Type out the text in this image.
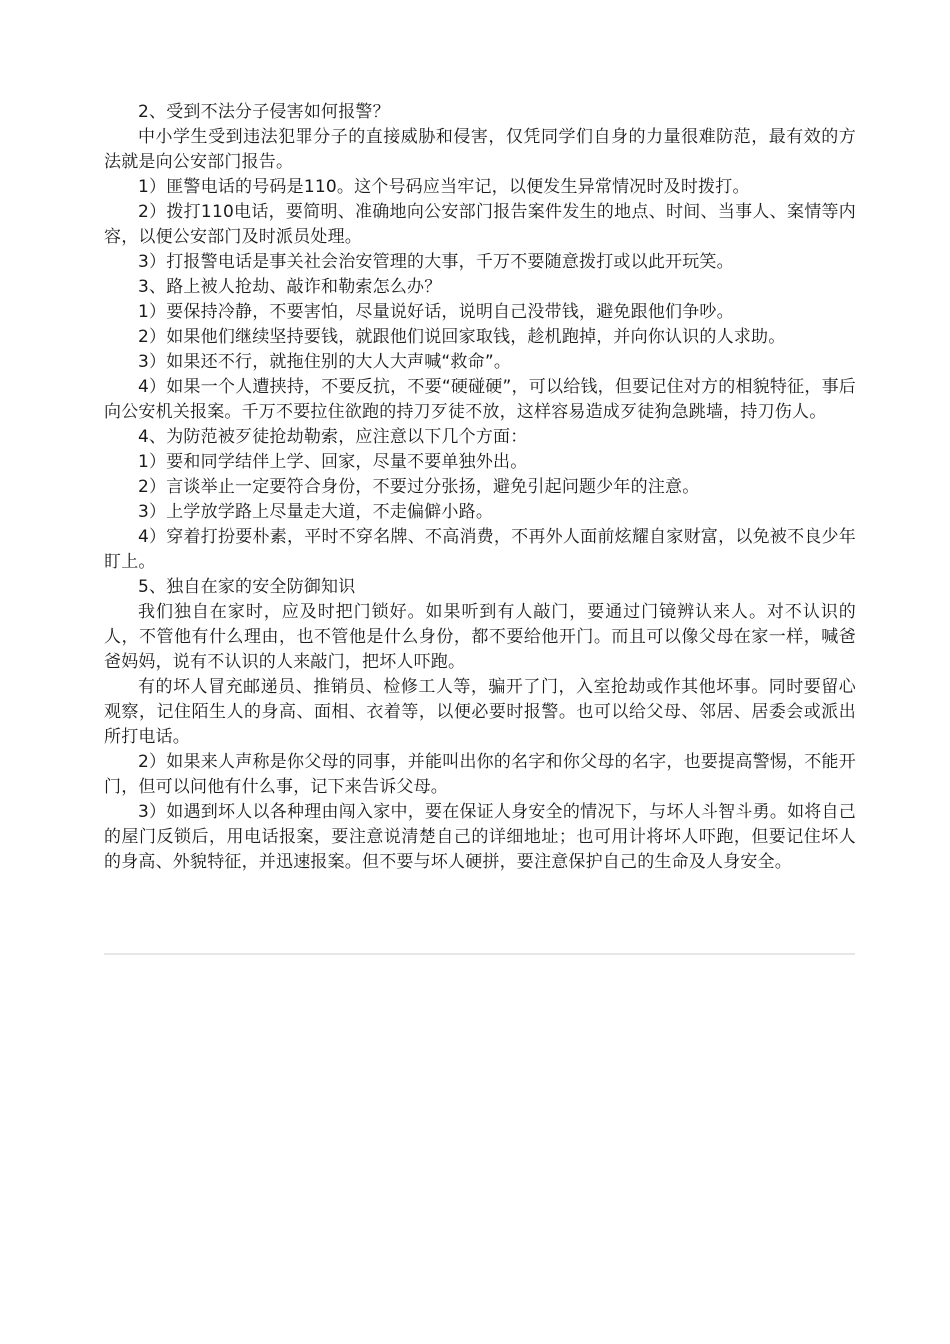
2、受到不法分子侵害如何报警？

中小学生受到违法犯罪分子的直接威胁和侵害，仅凭同学们自身的力量很难防范，最有效的方法就是向公安部门报告。

1）匪警电话的号码是110。这个号码应当牢记，以便发生异常情况时及时拨打。

2）拨打110电话，要简明、准确地向公安部门报告案件发生的地点、时间、当事人、案情等内容，以便公安部门及时派员处理。

3）打报警电话是事关社会治安管理的大事，千万不要随意拨打或以此开玩笑。

3、路上被人抢劫、敲诈和勒索怎么办？

1）要保持冷静，不要害怕，尽量说好话，说明自己没带钱，避免跟他们争吵。

2）如果他们继续坚持要钱，就跟他们说回家取钱，趁机跑掉，并向你认识的人求助。

3）如果还不行，就拖住别的大人大声喊“救命”。

4）如果一个人遭挟持，不要反抗，不要“硬碰硬”，可以给钱，但要记住对方的相貌特征，事后向公安机关报案。千万不要拉住欲跑的持刀歹徒不放，这样容易造成歹徒狗急跳墙，持刀伤人。

4、为防范被歹徒抢劫勒索，应注意以下几个方面：

1）要和同学结伴上学、回家，尽量不要单独外出。

2）言谈举止一定要符合身份，不要过分张扬，避免引起问题少年的注意。

3）上学放学路上尽量走大道，不走偏僻小路。

4）穿着打扮要朴素，平时不穿名牌、不高消费，不再外人面前炫耀自家财富，以免被不良少年盯上。

5、独自在家的安全防御知识

我们独自在家时，应及时把门锁好。如果听到有人敲门，要通过门镜辨认来人。对不认识的人，不管他有什么理由，也不管他是什么身份，都不要给他开门。而且可以像父母在家一样，喊爸爸妈妈，说有不认识的人来敲门，把坏人吓跑。

有的坏人冒充邮递员、推销员、检修工人等，骗开了门，入室抢劫或作其他坏事。同时要留心观察，记住陌生人的身高、面相、衣着等，以便必要时报警。也可以给父母、邻居、居委会或派出所打电话。

2）如果来人声称是你父母的同事，并能叫出你的名字和你父母的名字，也要提高警惕，不能开门，但可以问他有什么事，记下来告诉父母。

3）如遇到坏人以各种理由闯入家中，要在保证人身安全的情况下，与坏人斗智斗勇。如将自己的屋门反锁后，用电话报案，要注意说清楚自己的详细地址；也可用计将坏人吓跑，但要记住坏人的身高、外貌特征，并迅速报案。但不要与坏人硬拼，要注意保护自己的生命及人身安全。
